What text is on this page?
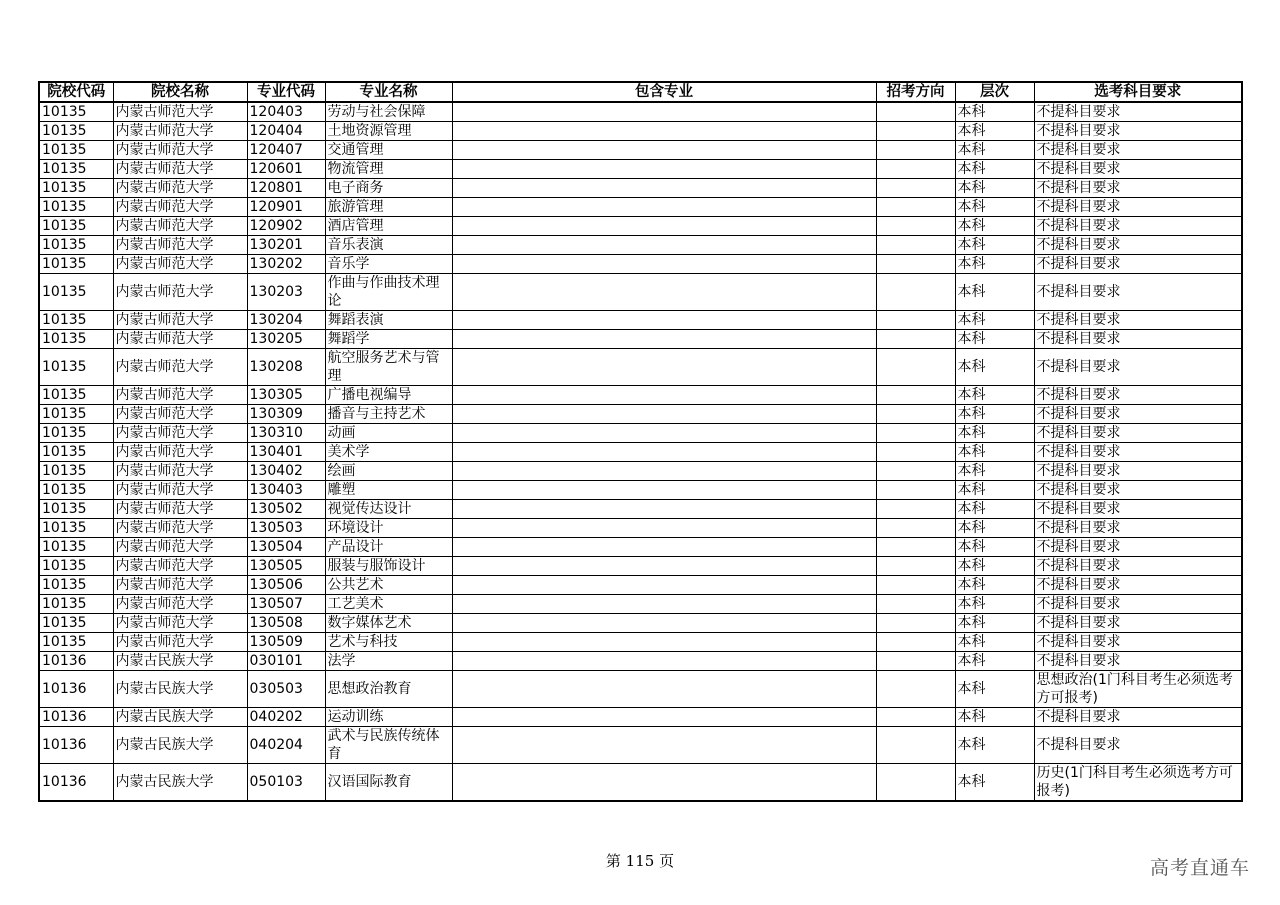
院校代码	院校名称	专业代码	专业名称	包含专业	招考方向	层次	选考科目要求
10135	内蒙古师范大学	120403	劳动与社会保障			本科	不提科目要求
10135	内蒙古师范大学	120404	土地资源管理			本科	不提科目要求
10135	内蒙古师范大学	120407	交通管理			本科	不提科目要求
10135	内蒙古师范大学	120601	物流管理			本科	不提科目要求
10135	内蒙古师范大学	120801	电子商务			本科	不提科目要求
10135	内蒙古师范大学	120901	旅游管理			本科	不提科目要求
10135	内蒙古师范大学	120902	酒店管理			本科	不提科目要求
10135	内蒙古师范大学	130201	音乐表演			本科	不提科目要求
10135	内蒙古师范大学	130202	音乐学			本科	不提科目要求
10135	内蒙古师范大学	130203	作曲与作曲技术理论			本科	不提科目要求
10135	内蒙古师范大学	130204	舞蹈表演			本科	不提科目要求
10135	内蒙古师范大学	130205	舞蹈学			本科	不提科目要求
10135	内蒙古师范大学	130208	航空服务艺术与管理			本科	不提科目要求
10135	内蒙古师范大学	130305	广播电视编导			本科	不提科目要求
10135	内蒙古师范大学	130309	播音与主持艺术			本科	不提科目要求
10135	内蒙古师范大学	130310	动画			本科	不提科目要求
10135	内蒙古师范大学	130401	美术学			本科	不提科目要求
10135	内蒙古师范大学	130402	绘画			本科	不提科目要求
10135	内蒙古师范大学	130403	雕塑			本科	不提科目要求
10135	内蒙古师范大学	130502	视觉传达设计			本科	不提科目要求
10135	内蒙古师范大学	130503	环境设计			本科	不提科目要求
10135	内蒙古师范大学	130504	产品设计			本科	不提科目要求
10135	内蒙古师范大学	130505	服装与服饰设计			本科	不提科目要求
10135	内蒙古师范大学	130506	公共艺术			本科	不提科目要求
10135	内蒙古师范大学	130507	工艺美术			本科	不提科目要求
10135	内蒙古师范大学	130508	数字媒体艺术			本科	不提科目要求
10135	内蒙古师范大学	130509	艺术与科技			本科	不提科目要求
10136	内蒙古民族大学	030101	法学			本科	不提科目要求
10136	内蒙古民族大学	030503	思想政治教育			本科	思想政治(1门科目考生必须选考方可报考)
10136	内蒙古民族大学	040202	运动训练			本科	不提科目要求
10136	内蒙古民族大学	040204	武术与民族传统体育			本科	不提科目要求
10136	内蒙古民族大学	050103	汉语国际教育			本科	历史(1门科目考生必须选考方可报考)
第 115 页	高考直通车
